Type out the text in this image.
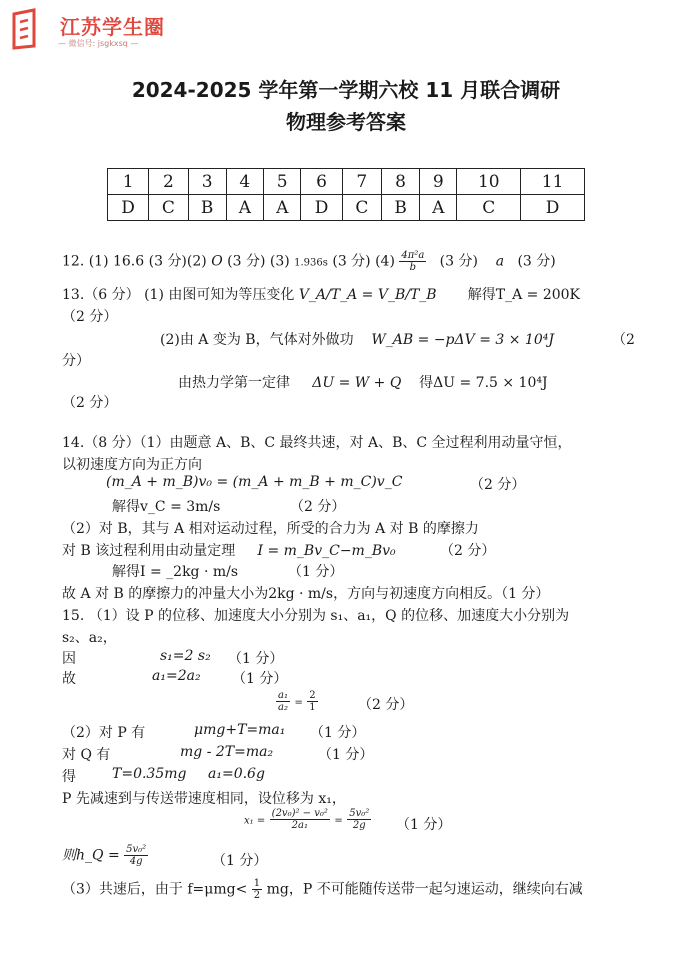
江苏学生圈
— 微信号: jsgkxsq —
2024-2025 学年第一学期六校 11 月联合调研
物理参考答案
1	2	3	4	5	6	7	8	9	10	11
D	C	B	A	A	D	C	B	A	C	D
12. (1) 16.6 (3 分)(2) O (3 分) (3) 1.936s (3 分) $(4) \frac{\text{4π²a}}{b} (3$ 分) a (3 分)
13.（6 分） (1) 由图可知为等压变化 V_A/T_A = V_B/T_B 解得T_A = 200K
（2 分）
(2)由 A 变为 B，气体对外做功 W_AB = −pΔV = 3 × 10⁴J	（2
分）
由热力学第一定律 ΔU = W + Q 得ΔU = 7.5 × 10⁴J
（2 分）
14.（8 分）（1）由题意 A、B、C 最终共速，对 A、B、C 全过程利用动量守恒，
以初速度方向为正方向
(m_A + m_B)v₀ = (m_A + m_B + m_C)v_C	（2 分）
解得v_C = 3m/s	（2 分）
（2）对 B，其与 A 相对运动过程，所受的合力为 A 对 B 的摩擦力
对 B 该过程利用由动量定理 I = m_Bv_C−m_Bv₀	（2 分）
解得I = _2kg · m/s	（1 分）
故 A 对 B 的摩擦力的冲量大小为2kg · m/s，方向与初速度方向相反。（1 分）
15. （1）设 P 的位移、加速度大小分别为 s₁、a₁，Q 的位移、加速度大小分别为
s₂、a₂，
因	s₁=2 s₂ （1 分）
故	a₁=2a₂ （1 分）
$\frac{\text{a₁}}{\text{a₂}} = \frac{2}{1}$	（2 分）
（2）对 P 有	μmg+T=ma₁ （1 分）
对 Q 有	mg - 2T=ma₂	（1 分）
得	T=0.35mg a₁=0.6g
P 先减速到与传送带速度相同，设位移为 x₁，
$x_1 = \frac{\text{(2v₀)² − v₀²}}{\text{2a₁}} = \frac{\text{5v₀²}}{2g} (1$ 分）
则h_Q = $\frac{\text{5v₀²}}{4g}$	（1 分）
（3）共速后，由于 $f=\mu mg< \frac{1}{2}$ mg，P 不可能随传送带一起匀速运动，继续向右减
